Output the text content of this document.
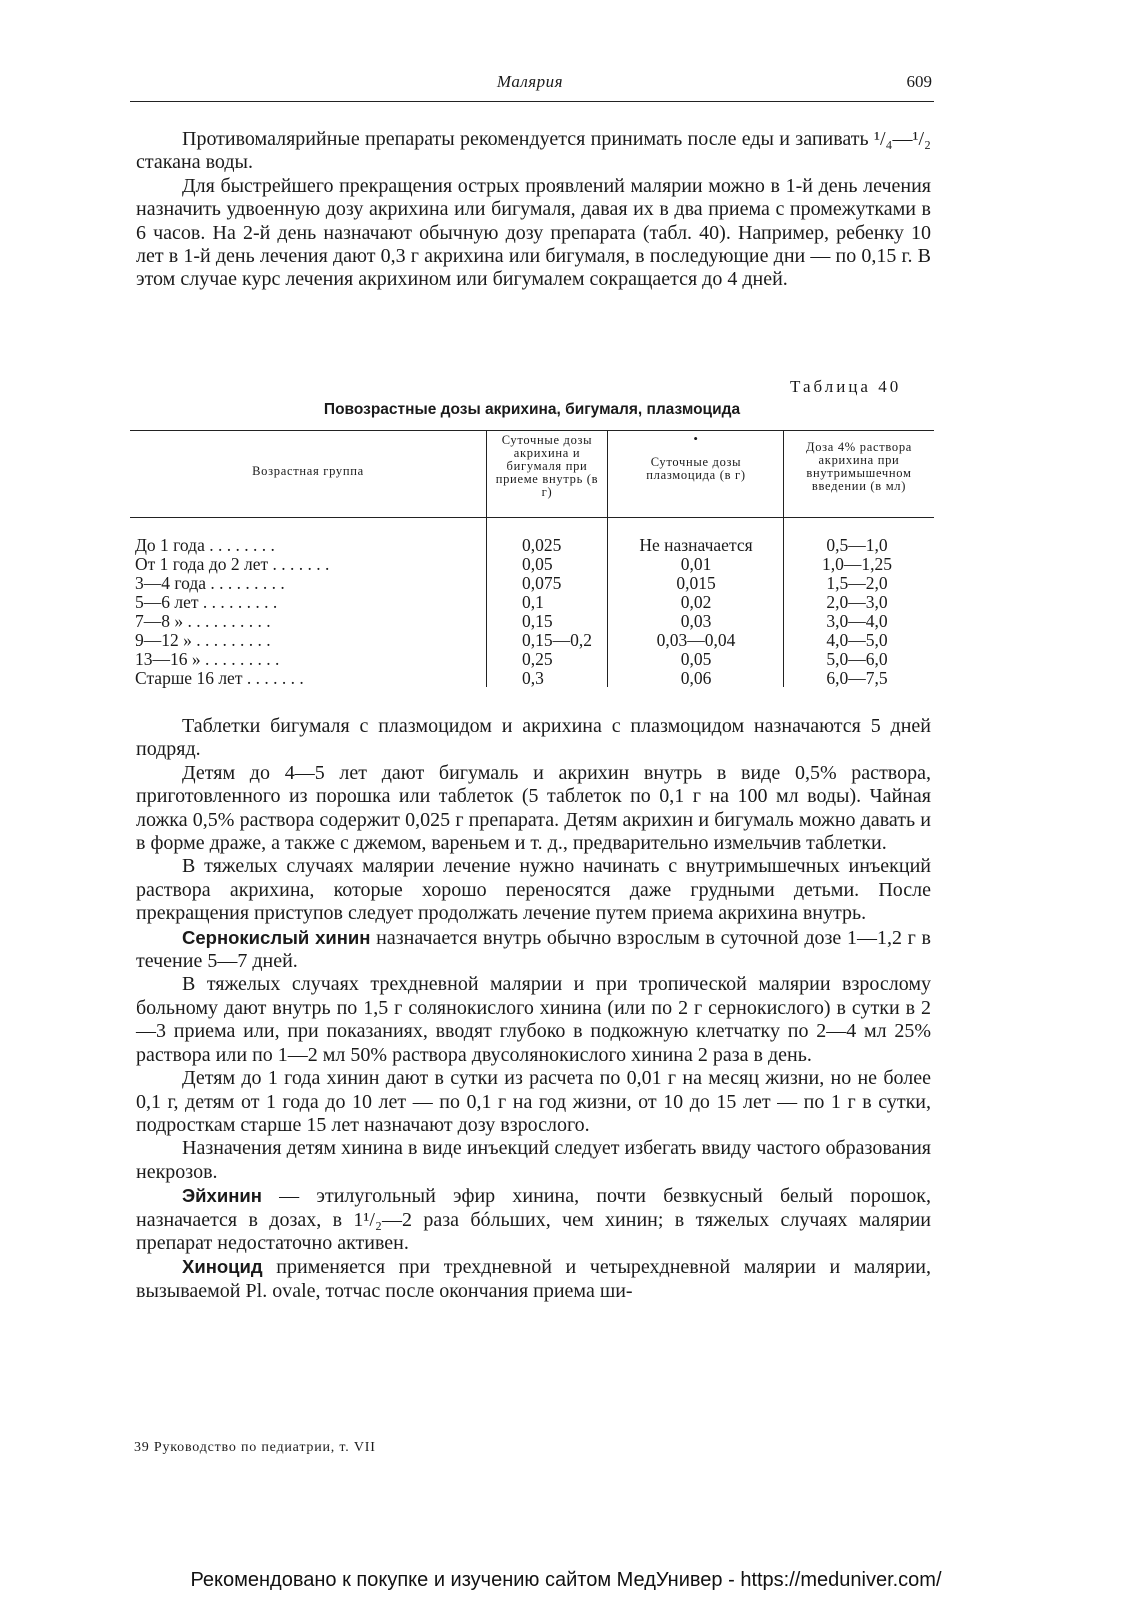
Малярия	609

Противомалярийные препараты рекомендуется принимать после еды и запивать ¹/₄—¹/₂ стакана воды.

Для быстрейшего прекращения острых проявлений малярии можно в 1-й день лечения назначить удвоенную дозу акрихина или бигумаля, давая их в два приема с промежутками в 6 часов. На 2-й день назначают обычную дозу препарата (табл. 40). Например, ребенку 10 лет в 1-й день лечения дают 0,3 г акрихина или бигумаля, в последующие дни — по 0,15 г. В этом случае курс лечения акрихином или бигумалем сокращается до 4 дней.

Таблица 40
Повозрастные дозы акрихина, бигумаля, плазмоцида
Возрастная группа
Суточные дозы акрихина и бигумаля при приеме внутрь (в г)
•
Суточные дозы плазмоцида (в г)
Доза 4% раствора акрихина при внутримышечном введении (в мл)
До 1 года . . . . . . . .	0,025	Не назначается	0,5—1,0
От 1 года до 2 лет . . . . . . .	0,05	0,01	1,0—1,25
3—4 года . . . . . . . . .	0,075	0,015	1,5—2,0
5—6 лет . . . . . . . . .	0,1	0,02	2,0—3,0
7—8 » . . . . . . . . . .	0,15	0,03	3,0—4,0
9—12 » . . . . . . . . .	0,15—0,2	0,03—0,04	4,0—5,0
13—16 » . . . . . . . . .	0,25	0,05	5,0—6,0
Старше 16 лет . . . . . . .	0,3	0,06	6,0—7,5

Таблетки бигумаля с плазмоцидом и акрихина с плазмоцидом назначаются 5 дней подряд.

Детям до 4—5 лет дают бигумаль и акрихин внутрь в виде 0,5% раствора, приготовленного из порошка или таблеток (5 таблеток по 0,1 г на 100 мл воды). Чайная ложка 0,5% раствора содержит 0,025 г препарата. Детям акрихин и бигумаль можно давать и в форме драже, а также с джемом, вареньем и т. д., предварительно измельчив таблетки.

В тяжелых случаях малярии лечение нужно начинать с внутримышечных инъекций раствора акрихина, которые хорошо переносятся даже грудными детьми. После прекращения приступов следует продолжать лечение путем приема акрихина внутрь.

Сернокислый хинин назначается внутрь обычно взрослым в суточной дозе 1—1,2 г в течение 5—7 дней.

В тяжелых случаях трехдневной малярии и при тропической малярии взрослому больному дают внутрь по 1,5 г солянокислого хинина (или по 2 г сернокислого) в сутки в 2—3 приема или, при показаниях, вводят глубоко в подкожную клетчатку по 2—4 мл 25% раствора или по 1—2 мл 50% раствора двусолянокислого хинина 2 раза в день.

Детям до 1 года хинин дают в сутки из расчета по 0,01 г на месяц жизни, но не более 0,1 г, детям от 1 года до 10 лет — по 0,1 г на год жизни, от 10 до 15 лет — по 1 г в сутки, подросткам старше 15 лет назначают дозу взрослого.

Назначения детям хинина в виде инъекций следует избегать ввиду частого образования некрозов.

Эйхинин — этилугольный эфир хинина, почти безвкусный белый порошок, назначается в дозах, в 1¹/₂—2 раза бóльших, чем хинин; в тяжелых случаях малярии препарат недостаточно активен.

Хиноцид применяется при трехдневной и четырехдневной малярии и малярии, вызываемой Pl. ovale, тотчас после окончания приема ши-

39 Руководство по педиатрии, т. VII
Рекомендовано к покупке и изучению сайтом МедУнивер - https://meduniver.com/
